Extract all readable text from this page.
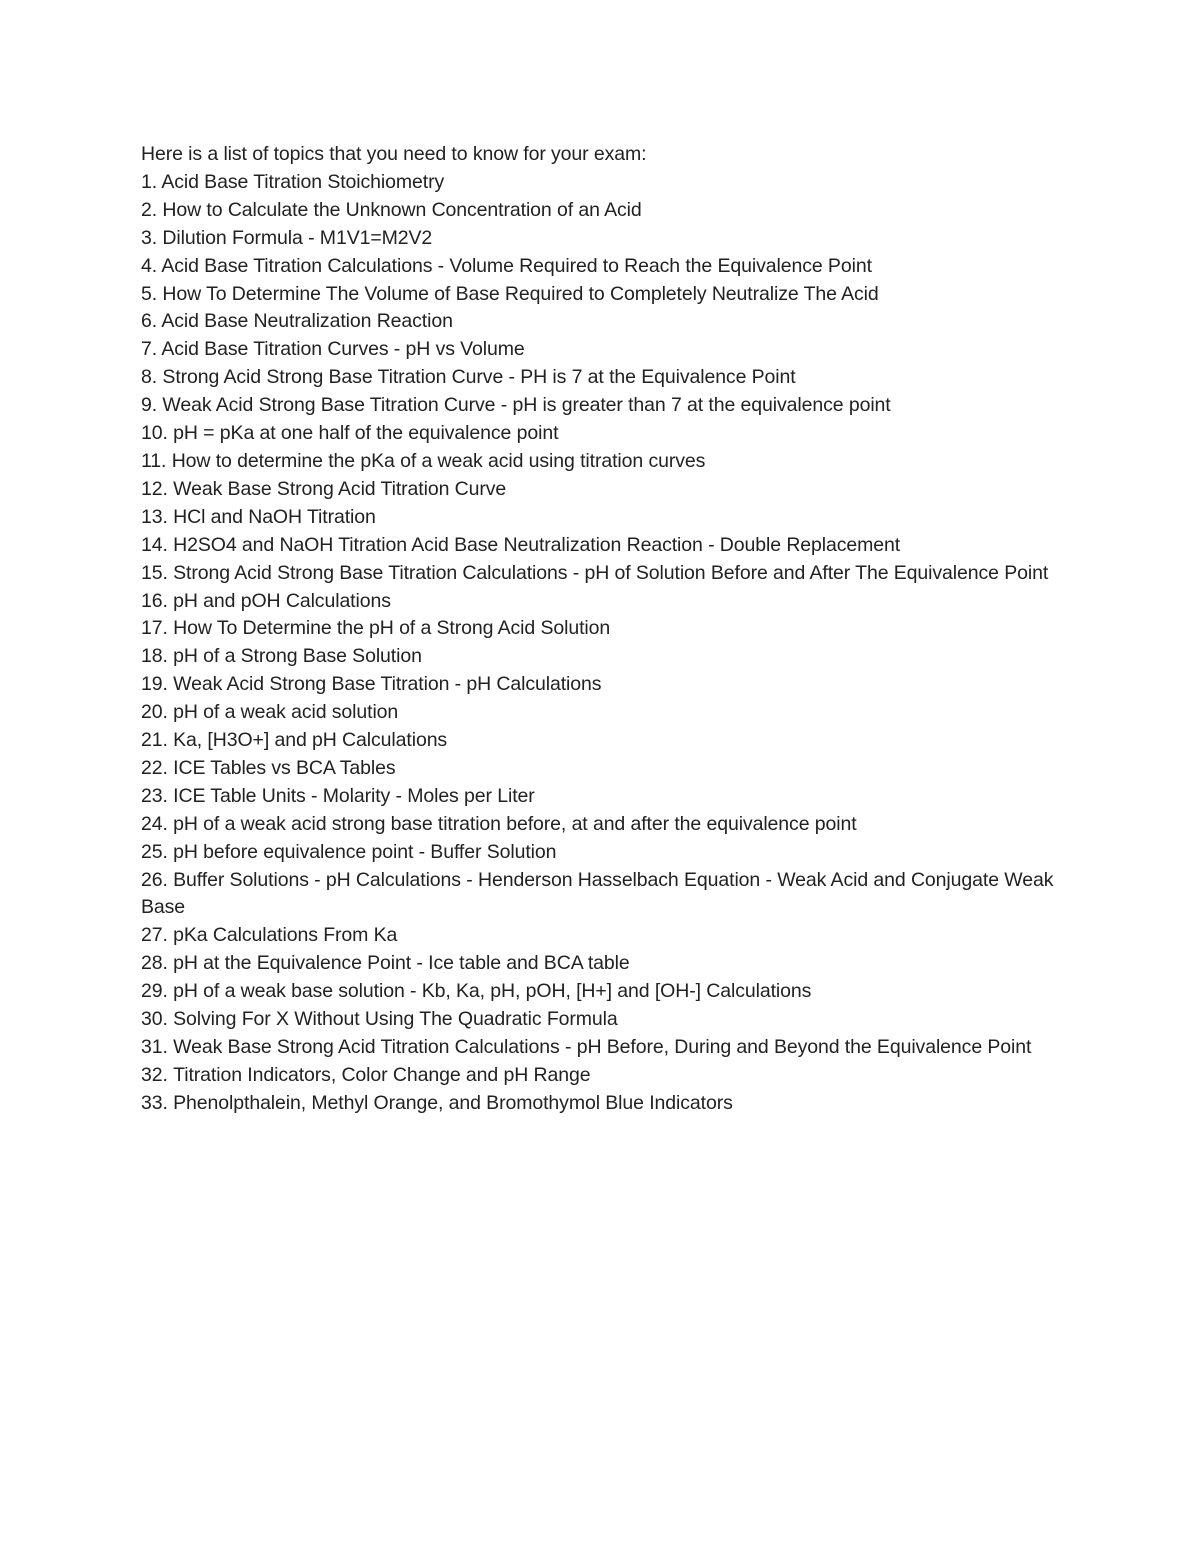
Here is a list of topics that you need to know for your exam:

1. Acid Base Titration Stoichiometry
2. How to Calculate the Unknown Concentration of an Acid
3. Dilution Formula - M1V1=M2V2
4. Acid Base Titration Calculations - Volume Required to Reach the Equivalence Point
5. How To Determine The Volume of Base Required to Completely Neutralize The Acid
6. Acid Base Neutralization Reaction
7. Acid Base Titration Curves - pH vs Volume
8. Strong Acid Strong Base Titration Curve - PH is 7 at the Equivalence Point
9. Weak Acid Strong Base Titration Curve - pH is greater than 7 at the equivalence point
10. pH = pKa at one half of the equivalence point
11. How to determine the pKa of a weak acid using titration curves
12. Weak Base Strong Acid Titration Curve
13. HCl and NaOH Titration
14. H2SO4 and NaOH Titration Acid Base Neutralization Reaction - Double Replacement
15. Strong Acid Strong Base Titration Calculations - pH of Solution Before and After The Equivalence Point
16. pH and pOH Calculations
17. How To Determine the pH of a Strong Acid Solution
18. pH of a Strong Base Solution
19. Weak Acid Strong Base Titration - pH Calculations
20. pH of a weak acid solution
21. Ka, [H3O+] and pH Calculations
22. ICE Tables vs BCA Tables
23. ICE Table Units - Molarity - Moles per Liter
24. pH of a weak acid strong base titration before, at and after the equivalence point
25. pH before equivalence point - Buffer Solution
26. Buffer Solutions - pH Calculations - Henderson Hasselbach Equation - Weak Acid and Conjugate Weak Base
27. pKa Calculations From Ka
28. pH at the Equivalence Point - Ice table and BCA table
29. pH of a weak base solution - Kb, Ka, pH, pOH, [H+] and [OH-] Calculations
30. Solving For X Without Using The Quadratic Formula
31. Weak Base Strong Acid Titration Calculations - pH Before, During and Beyond the Equivalence Point
32. Titration Indicators, Color Change and pH Range
33. Phenolpthalein, Methyl Orange, and Bromothymol Blue Indicators
